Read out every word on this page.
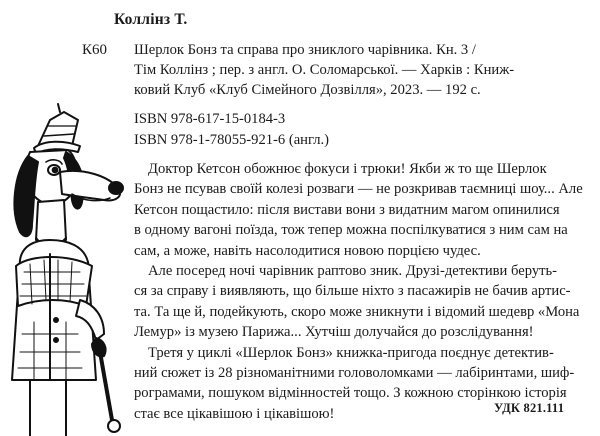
Коллінз Т.
К60 Шерлок Бонз та справа про зниклого чарівника. Кн. 3 /
Тім Коллінз ; пер. з англ. О. Соломарської. — Харків : Книж-
ковий Клуб «Клуб Сімейного Дозвілля», 2023. — 192 с.
ISBN 978-617-15-0184-3
ISBN 978-1-78055-921-6 (англ.)
Доктор Кетсон обожнює фокуси і трюки! Якби ж то ще Шерлок
Бонз не псував своїй колезі розваги — не розкривав таємниці шоу... Але
Кетсон пощастило: після вистави вони з видатним магом опинилися
в одному вагоні поїзда, тож тепер можна поспілкуватися з ним сам на
сам, а може, навіть насолодитися новою порцією чудес.
Але посеред ночі чарівник раптово зник. Друзі-детективи беруть-
ся за справу і виявляють, що більше ніхто з пасажирів не бачив артис-
та. Та ще й, подейкують, скоро може зникнути і відомий шедевр «Мона
Лемур» із музею Парижа... Хутчіш долучайся до розслідування!
Третя у циклі «Шерлок Бонз» книжка-пригода поєднує детектив-
ний сюжет із 28 різноманітними головоломками — лабіринтами, шиф-
рограмами, пошуком відмінностей тощо. З кожною сторінкою історія
стає все цікавішою і цікавішою!	УДК 821.111
